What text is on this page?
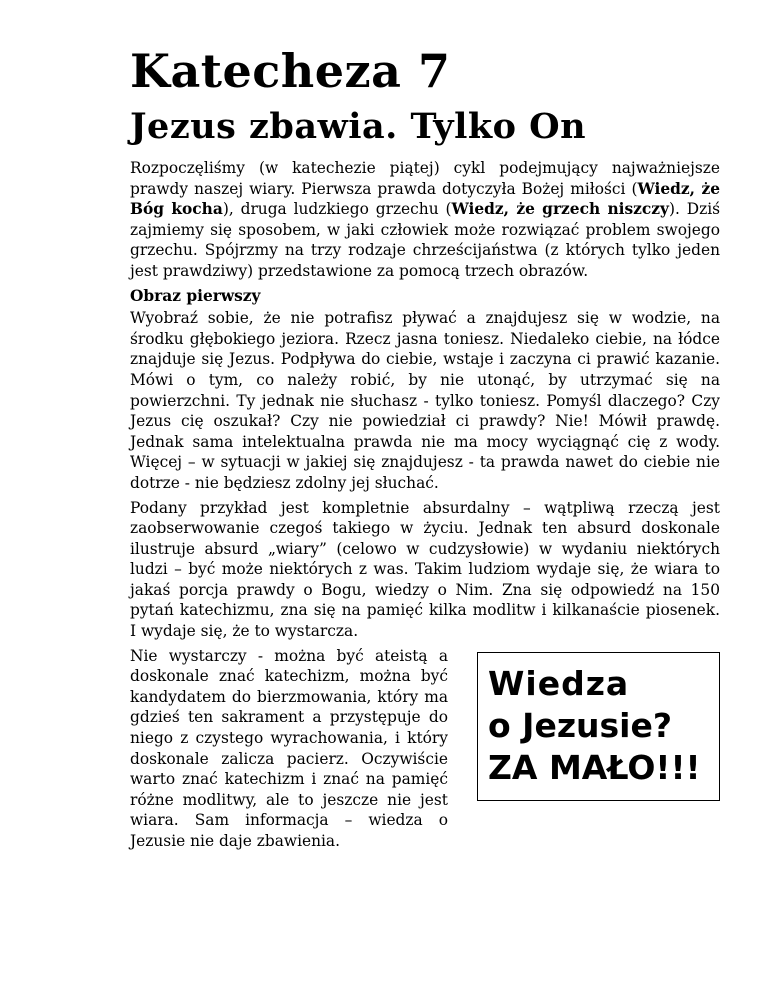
Katecheza 7
Jezus zbawia. Tylko On

Rozpoczęliśmy (w katechezie piątej) cykl podejmujący najważniejsze prawdy naszej wiary. Pierwsza prawda dotyczyła Bożej miłości (Wiedz, że Bóg kocha), druga ludzkiego grzechu (Wiedz, że grzech niszczy). Dziś zajmiemy się sposobem, w jaki człowiek może rozwiązać problem swojego grzechu. Spójrzmy na trzy rodzaje chrześcijaństwa (z których tylko jeden jest prawdziwy) przedstawione za pomocą trzech obrazów.

Obraz pierwszy

Wyobraź sobie, że nie potrafisz pływać a znajdujesz się w wodzie, na środku głębokiego jeziora. Rzecz jasna toniesz. Niedaleko ciebie, na łódce znajduje się Jezus. Podpływa do ciebie, wstaje i zaczyna ci prawić kazanie. Mówi o tym, co należy robić, by nie utonąć, by utrzymać się na powierzchni. Ty jednak nie słuchasz - tylko toniesz. Pomyśl dlaczego? Czy Jezus cię oszukał? Czy nie powiedział ci prawdy? Nie! Mówił prawdę. Jednak sama intelektualna prawda nie ma mocy wyciągnąć cię z wody. Więcej – w sytuacji w jakiej się znajdujesz - ta prawda nawet do ciebie nie dotrze - nie będziesz zdolny jej słuchać.

Podany przykład jest kompletnie absurdalny – wątpliwą rzeczą jest zaobserwowanie czegoś takiego w życiu. Jednak ten absurd doskonale ilustruje absurd „wiary” (celowo w cudzysłowie) w wydaniu niektórych ludzi – być może niektórych z was. Takim ludziom wydaje się, że wiara to jakaś porcja prawdy o Bogu, wiedzy o Nim. Zna się odpowiedź na 150 pytań katechizmu, zna się na pamięć kilka modlitw i kilkanaście piosenek. I wydaje się, że to wystarcza.

Nie wystarczy - można być ateistą a doskonale znać katechizm, można być kandydatem do bierzmowania, który ma gdzieś ten sakrament a przystępuje do niego z czystego wyrachowania, i który doskonale zalicza pacierz. Oczywiście warto znać katechizm i znać na pamięć różne modlitwy, ale to jeszcze nie jest wiara. Sam informacja – wiedza o Jezusie nie daje zbawienia.

Wiedza
o Jezusie?
ZA MAŁO!!!
